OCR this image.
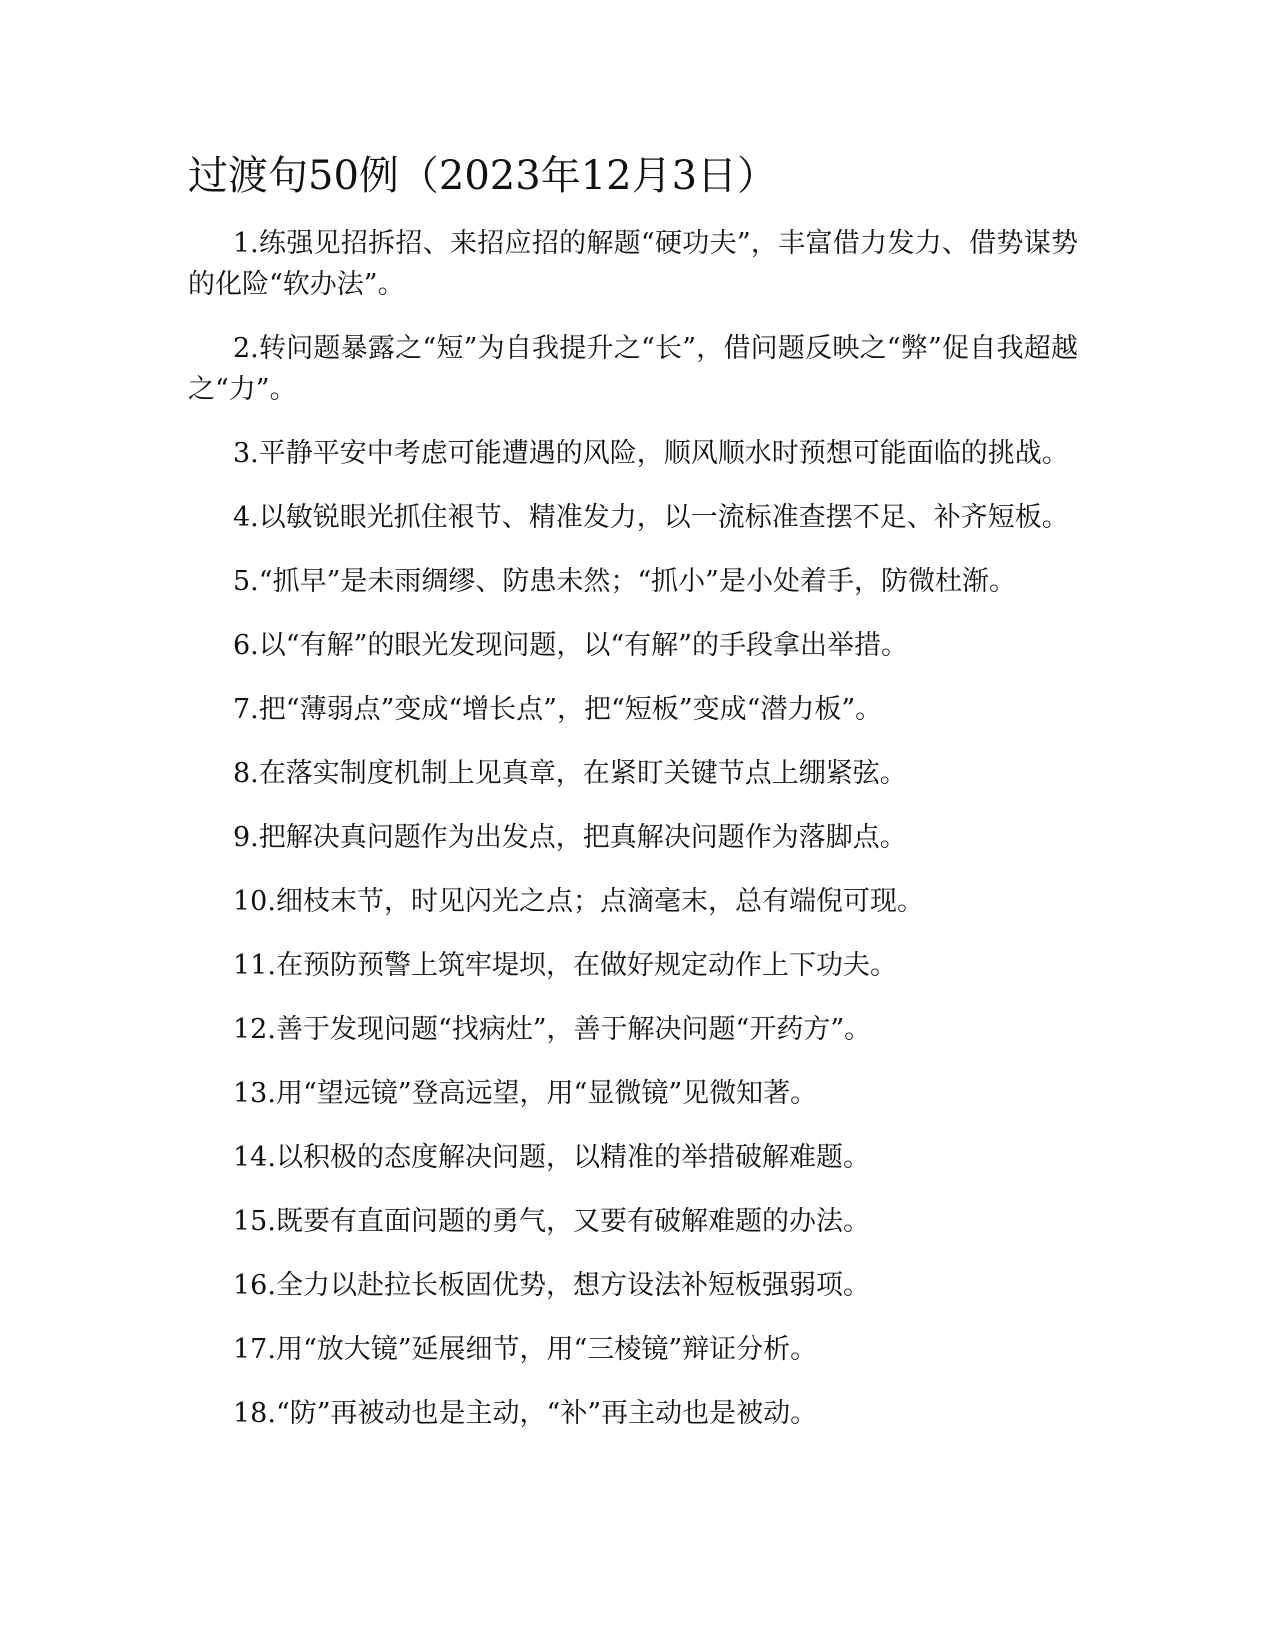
过渡句50例（2023年12月3日）

1.练强见招拆招、来招应招的解题“硬功夫”，丰富借力发力、借势谋势的化险“软办法”。

2.转问题暴露之“短”为自我提升之“长”，借问题反映之“弊”促自我超越之“力”。

3.平静平安中考虑可能遭遇的风险，顺风顺水时预想可能面临的挑战。

4.以敏锐眼光抓住裉节、精准发力，以一流标准查摆不足、补齐短板。

5.“抓早”是未雨绸缪、防患未然；“抓小”是小处着手，防微杜渐。

6.以“有解”的眼光发现问题，以“有解”的手段拿出举措。

7.把“薄弱点”变成“增长点”，把“短板”变成“潜力板”。

8.在落实制度机制上见真章，在紧盯关键节点上绷紧弦。

9.把解决真问题作为出发点，把真解决问题作为落脚点。

10.细枝末节，时见闪光之点；点滴毫末，总有端倪可现。

11.在预防预警上筑牢堤坝，在做好规定动作上下功夫。

12.善于发现问题“找病灶”，善于解决问题“开药方”。

13.用“望远镜”登高远望，用“显微镜”见微知著。

14.以积极的态度解决问题，以精准的举措破解难题。

15.既要有直面问题的勇气，又要有破解难题的办法。

16.全力以赴拉长板固优势，想方设法补短板强弱项。

17.用“放大镜”延展细节，用“三棱镜”辩证分析。

18.“防”再被动也是主动，“补”再主动也是被动。
